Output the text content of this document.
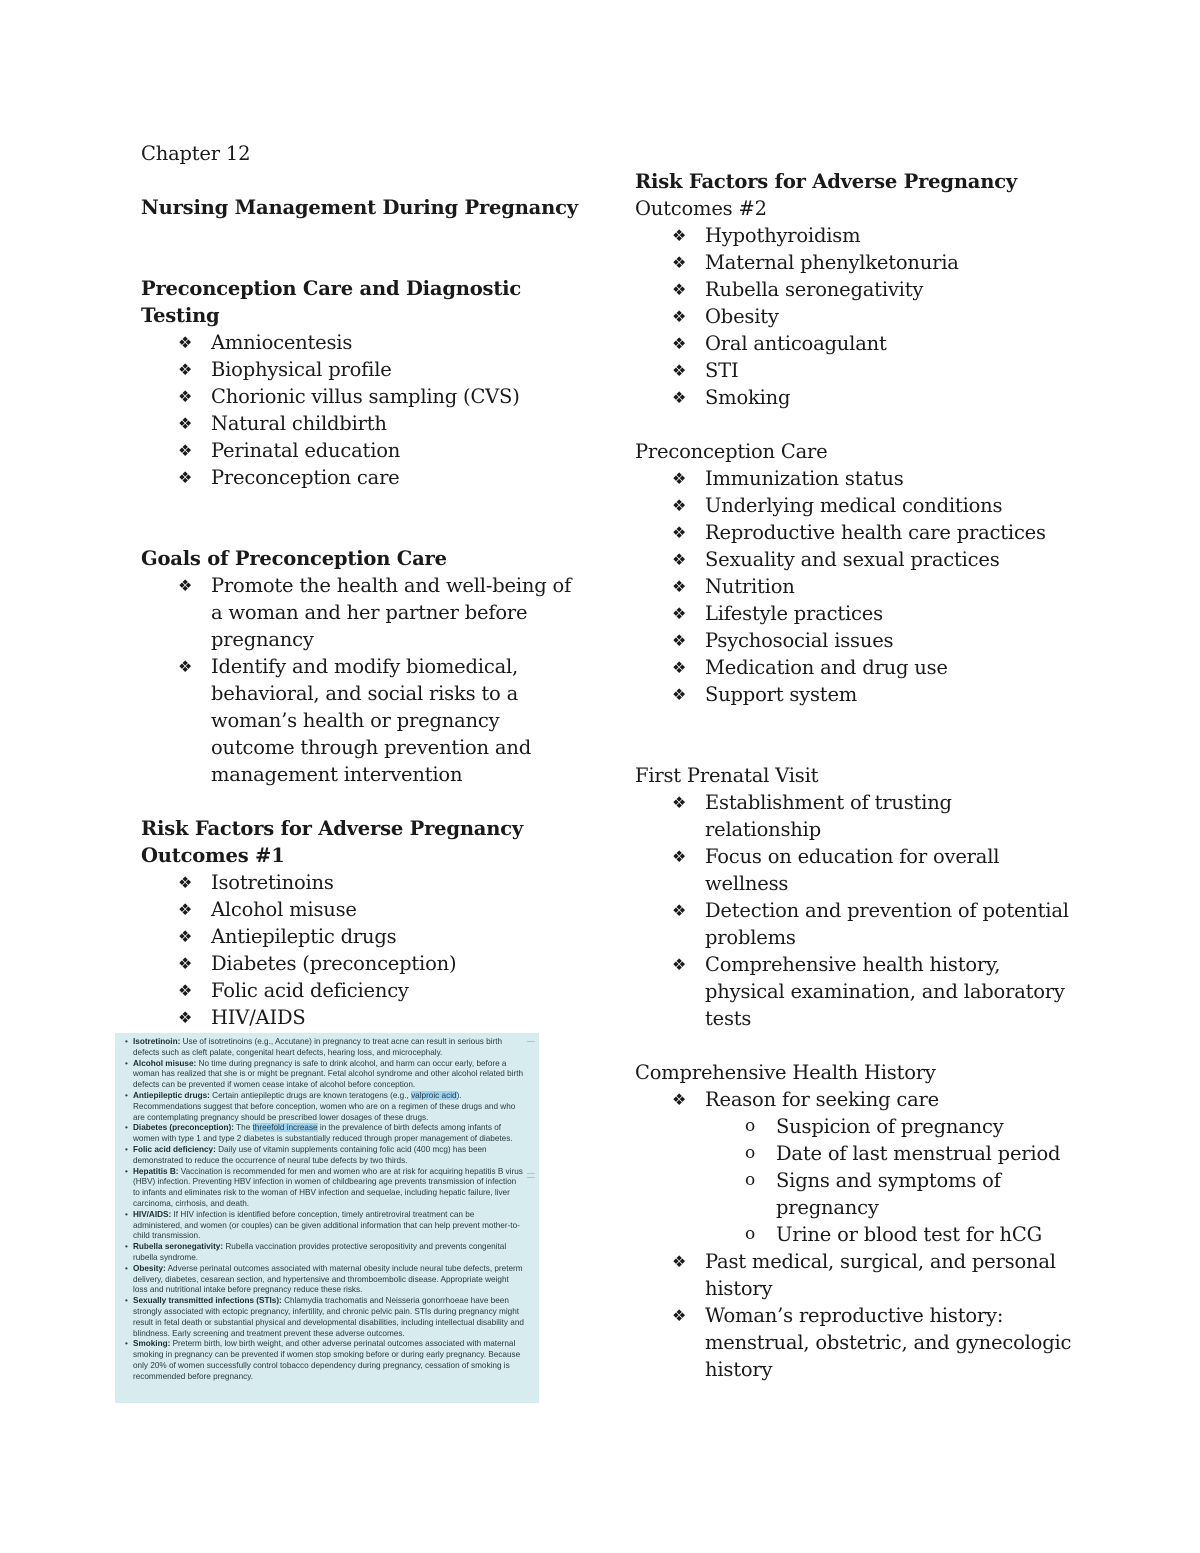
Chapter 12
Nursing Management During Pregnancy
Preconception Care and Diagnostic
Testing
❖ Amniocentesis
❖ Biophysical profile
❖ Chorionic villus sampling (CVS)
❖ Natural childbirth
❖ Perinatal education
❖ Preconception care
Goals of Preconception Care
❖ Promote the health and well-being of a woman and her partner before pregnancy
❖ Identify and modify biomedical, behavioral, and social risks to a woman’s health or pregnancy outcome through prevention and management intervention
Risk Factors for Adverse Pregnancy
Outcomes #1
❖ Isotretinoins
❖ Alcohol misuse
❖ Antiepileptic drugs
❖ Diabetes (preconception)
❖ Folic acid deficiency
❖ HIV/AIDS
• Isotretinoin: Use of isotretinoins (e.g., Accutane) in pregnancy to treat acne can result in serious birth defects such as cleft palate, congenital heart defects, hearing loss, and microcephaly.
• Alcohol misuse: No time during pregnancy is safe to drink alcohol, and harm can occur early, before a woman has realized that she is or might be pregnant. Fetal alcohol syndrome and other alcohol related birth defects can be prevented if women cease intake of alcohol before conception.
• Antiepileptic drugs: Certain antiepileptic drugs are known teratogens (e.g., valproic acid). Recommendations suggest that before conception, women who are on a regimen of these drugs and who are contemplating pregnancy should be prescribed lower dosages of these drugs.
• Diabetes (preconception): The threefold increase in the prevalence of birth defects among infants of women with type 1 and type 2 diabetes is substantially reduced through proper management of diabetes.
• Folic acid deficiency: Daily use of vitamin supplements containing folic acid (400 mcg) has been demonstrated to reduce the occurrence of neural tube defects by two thirds.
• Hepatitis B: Vaccination is recommended for men and women who are at risk for acquiring hepatitis B virus (HBV) infection. Preventing HBV infection in women of childbearing age prevents transmission of infection to infants and eliminates risk to the woman of HBV infection and sequelae, including hepatic failure, liver carcinoma, cirrhosis, and death.
• HIV/AIDS: If HIV infection is identified before conception, timely antiretroviral treatment can be administered, and women (or couples) can be given additional information that can help prevent mother-to-child transmission.
• Rubella seronegativity: Rubella vaccination provides protective seropositivity and prevents congenital rubella syndrome.
• Obesity: Adverse perinatal outcomes associated with maternal obesity include neural tube defects, preterm delivery, diabetes, cesarean section, and hypertensive and thromboembolic disease. Appropriate weight loss and nutritional intake before pregnancy reduce these risks.
• Sexually transmitted infections (STIs): Chlamydia trachomatis and Neisseria gonorrhoeae have been strongly associated with ectopic pregnancy, infertility, and chronic pelvic pain. STIs during pregnancy might result in fetal death or substantial physical and developmental disabilities, including intellectual disability and blindness. Early screening and treatment prevent these adverse outcomes.
• Smoking: Preterm birth, low birth weight, and other adverse perinatal outcomes associated with maternal smoking in pregnancy can be prevented if women stop smoking before or during early pregnancy. Because only 20% of women successfully control tobacco dependency during pregnancy, cessation of smoking is recommended before pregnancy.
Risk Factors for Adverse Pregnancy
Outcomes #2
❖ Hypothyroidism
❖ Maternal phenylketonuria
❖ Rubella seronegativity
❖ Obesity
❖ Oral anticoagulant
❖ STI
❖ Smoking
Preconception Care
❖ Immunization status
❖ Underlying medical conditions
❖ Reproductive health care practices
❖ Sexuality and sexual practices
❖ Nutrition
❖ Lifestyle practices
❖ Psychosocial issues
❖ Medication and drug use
❖ Support system
First Prenatal Visit
❖ Establishment of trusting relationship
❖ Focus on education for overall wellness
❖ Detection and prevention of potential problems
❖ Comprehensive health history, physical examination, and laboratory tests
Comprehensive Health History
❖ Reason for seeking care
o Suspicion of pregnancy
o Date of last menstrual period
o Signs and symptoms of pregnancy
o Urine or blood test for hCG
❖ Past medical, surgical, and personal history
❖ Woman’s reproductive history: menstrual, obstetric, and gynecologic history
